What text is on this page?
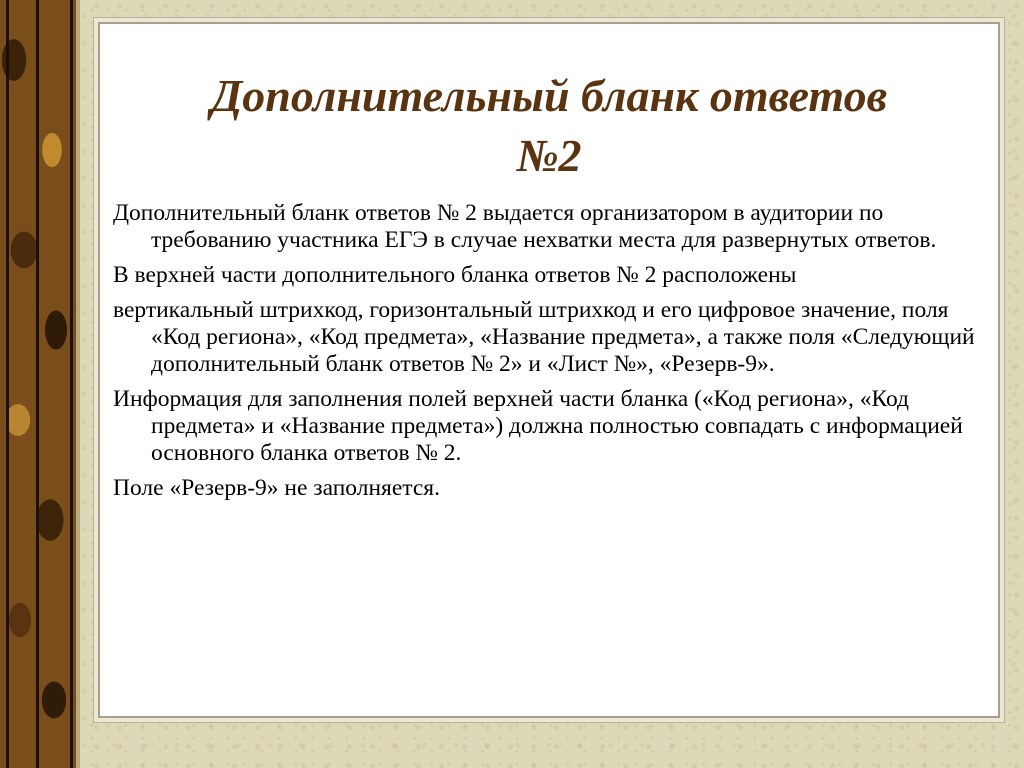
Дополнительный бланк ответов
№2

Дополнительный бланк ответов № 2 выдается организатором в аудитории по требованию участника ЕГЭ в случае нехватки места для развернутых ответов.

В верхней части дополнительного бланка ответов № 2 расположены

вертикальный штрихкод, горизонтальный штрихкод и его цифровое значение, поля «Код региона», «Код предмета», «Название предмета», а также поля «Следующий дополнительный бланк ответов № 2» и «Лист №», «Резерв-9».

Информация для заполнения полей верхней части бланка («Код региона», «Код предмета» и «Название предмета») должна полностью совпадать с информацией основного бланка ответов № 2.

Поле «Резерв-9» не заполняется.
